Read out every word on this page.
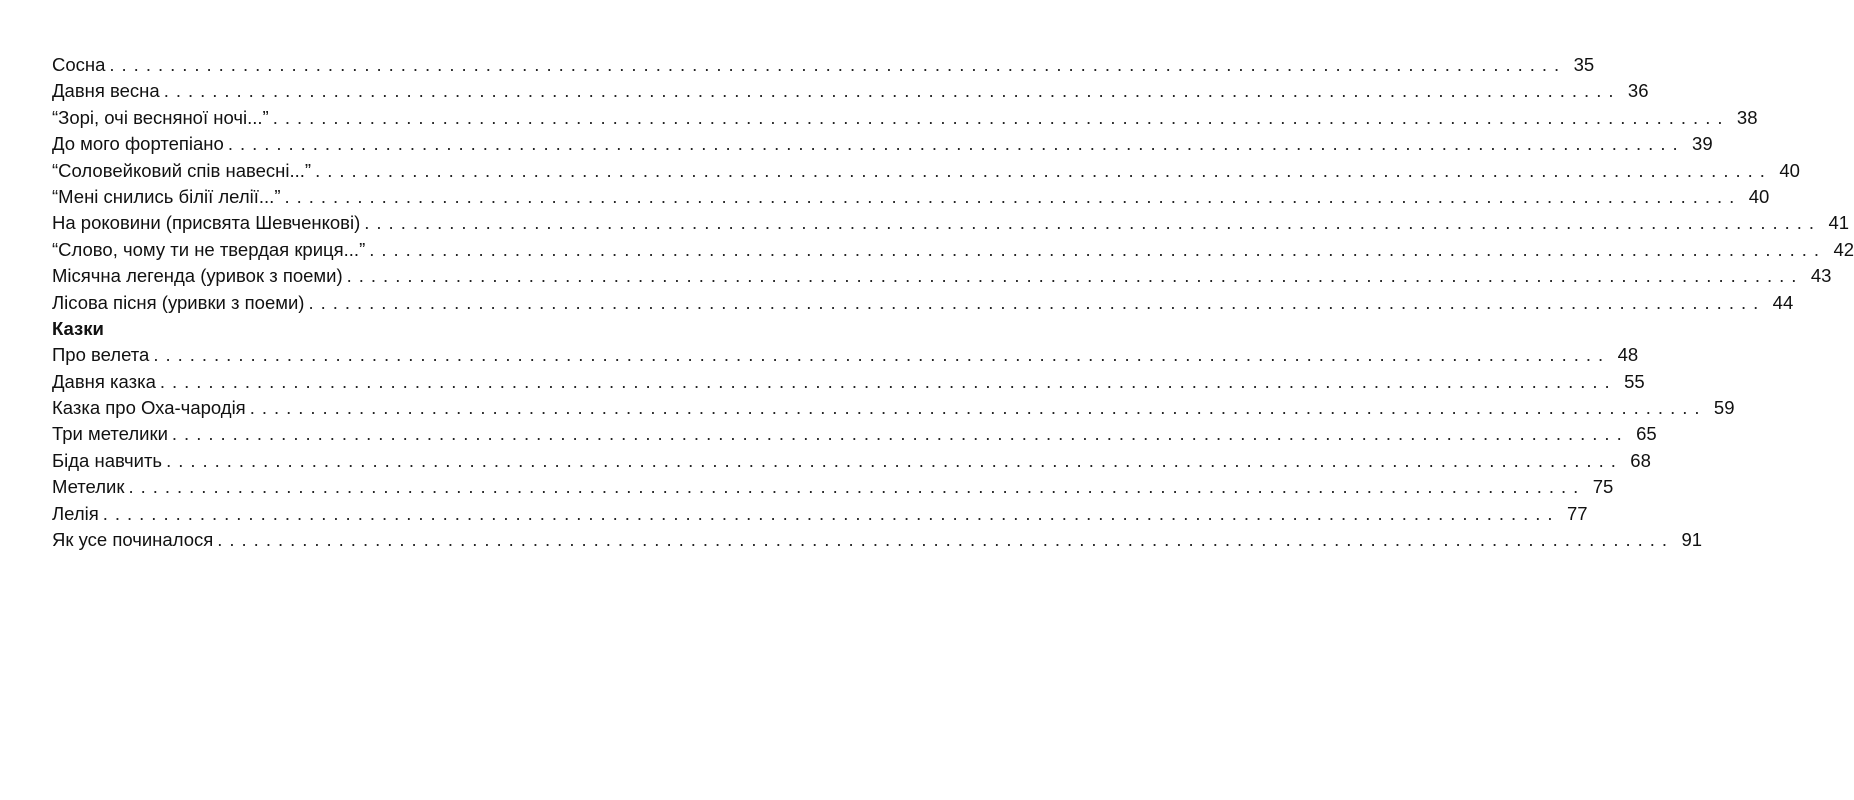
Сосна ........................................................................................................................ 35
Давня весна ........................................................................................................................ 36
“Зорі, очі весняної ночі...” ........................................................................................................................ 38
До мого фортепіано ........................................................................................................................ 39
“Соловейковий спів навесні...” ........................................................................................................................ 40
“Мені снились білії лелії...” ........................................................................................................................ 40
На роковини (присвята Шевченкові) ........................................................................................................................ 41
“Слово, чому ти не твердая криця...” ........................................................................................................................ 42
Місячна легенда (уривок з поеми) ........................................................................................................................ 43
Лісова пісня (уривки з поеми) ........................................................................................................................ 44
Казки
Про велета ........................................................................................................................ 48
Давня казка ........................................................................................................................ 55
Казка про Оха-чародія ........................................................................................................................ 59
Три метелики ........................................................................................................................ 65
Біда навчить ........................................................................................................................ 68
Метелик ........................................................................................................................ 75
Лелія ........................................................................................................................ 77
Як усе починалося ........................................................................................................................ 91
